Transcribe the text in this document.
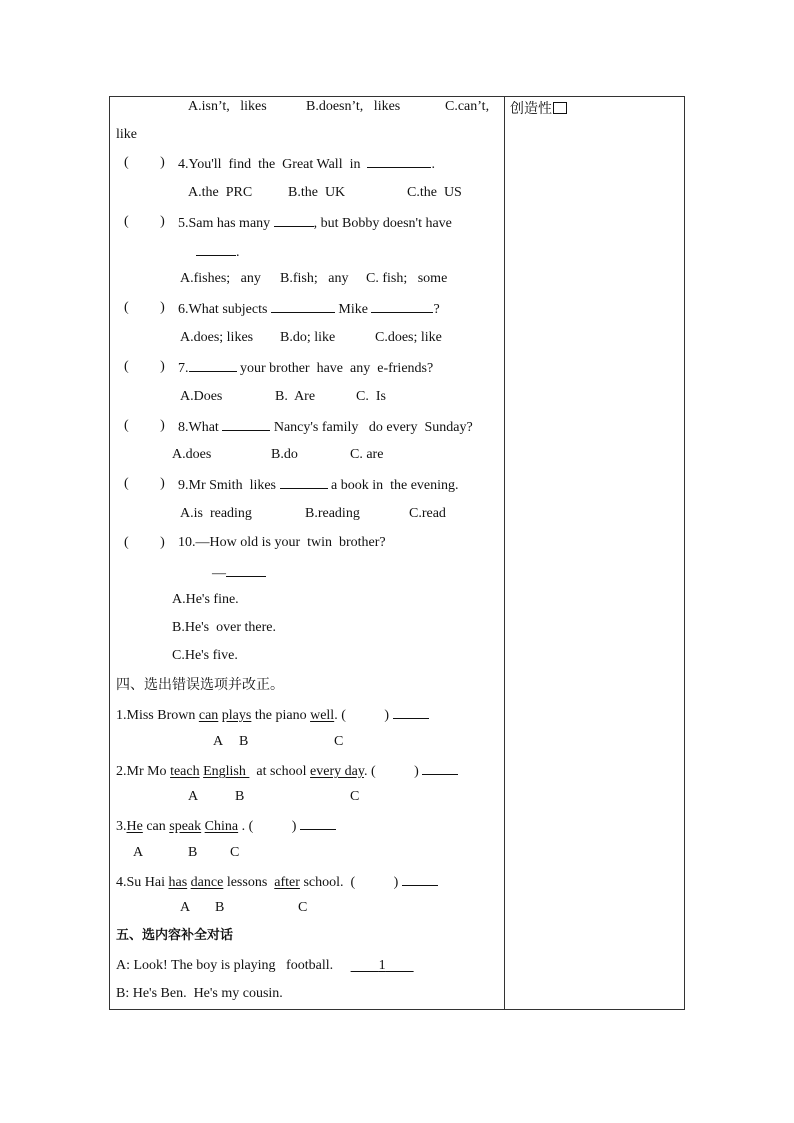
创造性
A.isn’t,   likes	B.doesn’t,   likes	C.can’t,
like
(         ) 4.You'll  find  the  Great Wall  in	.
A.the  PRC	B.the  UK	C.the  US
(         ) 5.Sam has many	, but Bobby doesn't have
.
A.fishes;   any B.fish;   any C. fish;   some
(         ) 6.What subjects	Mike	?
A.does; likes B.do; like	C.does; like
(         ) 7.	your brother  have  any  e-friends?
A.Does	B.  Are	C.  Is
(         ) 8.What	Nancy's family   do every  Sunday?
A.does	B.do	C. are
(         ) 9.Mr Smith  likes	a book in  the evening.
A.is  reading	B.reading	C.read
(         ) 10.—How old is your  twin  brother?
—
A.He's fine.
B.He's  over there.
C.He's five.
四、选出错误选项并改正。
1.Miss Brown can plays the piano well. (           )
A B	C
2.Mr Mo teach English   at school every day. (           )
A	B	C
3.He can speak China . (           )
A	B C
4.Su Hai has dance lessons  after school.  (           )
A B	C
五、选内容补全对话
A: Look! The boy is playing   football.	1
B: He's Ben.  He's my cousin.
